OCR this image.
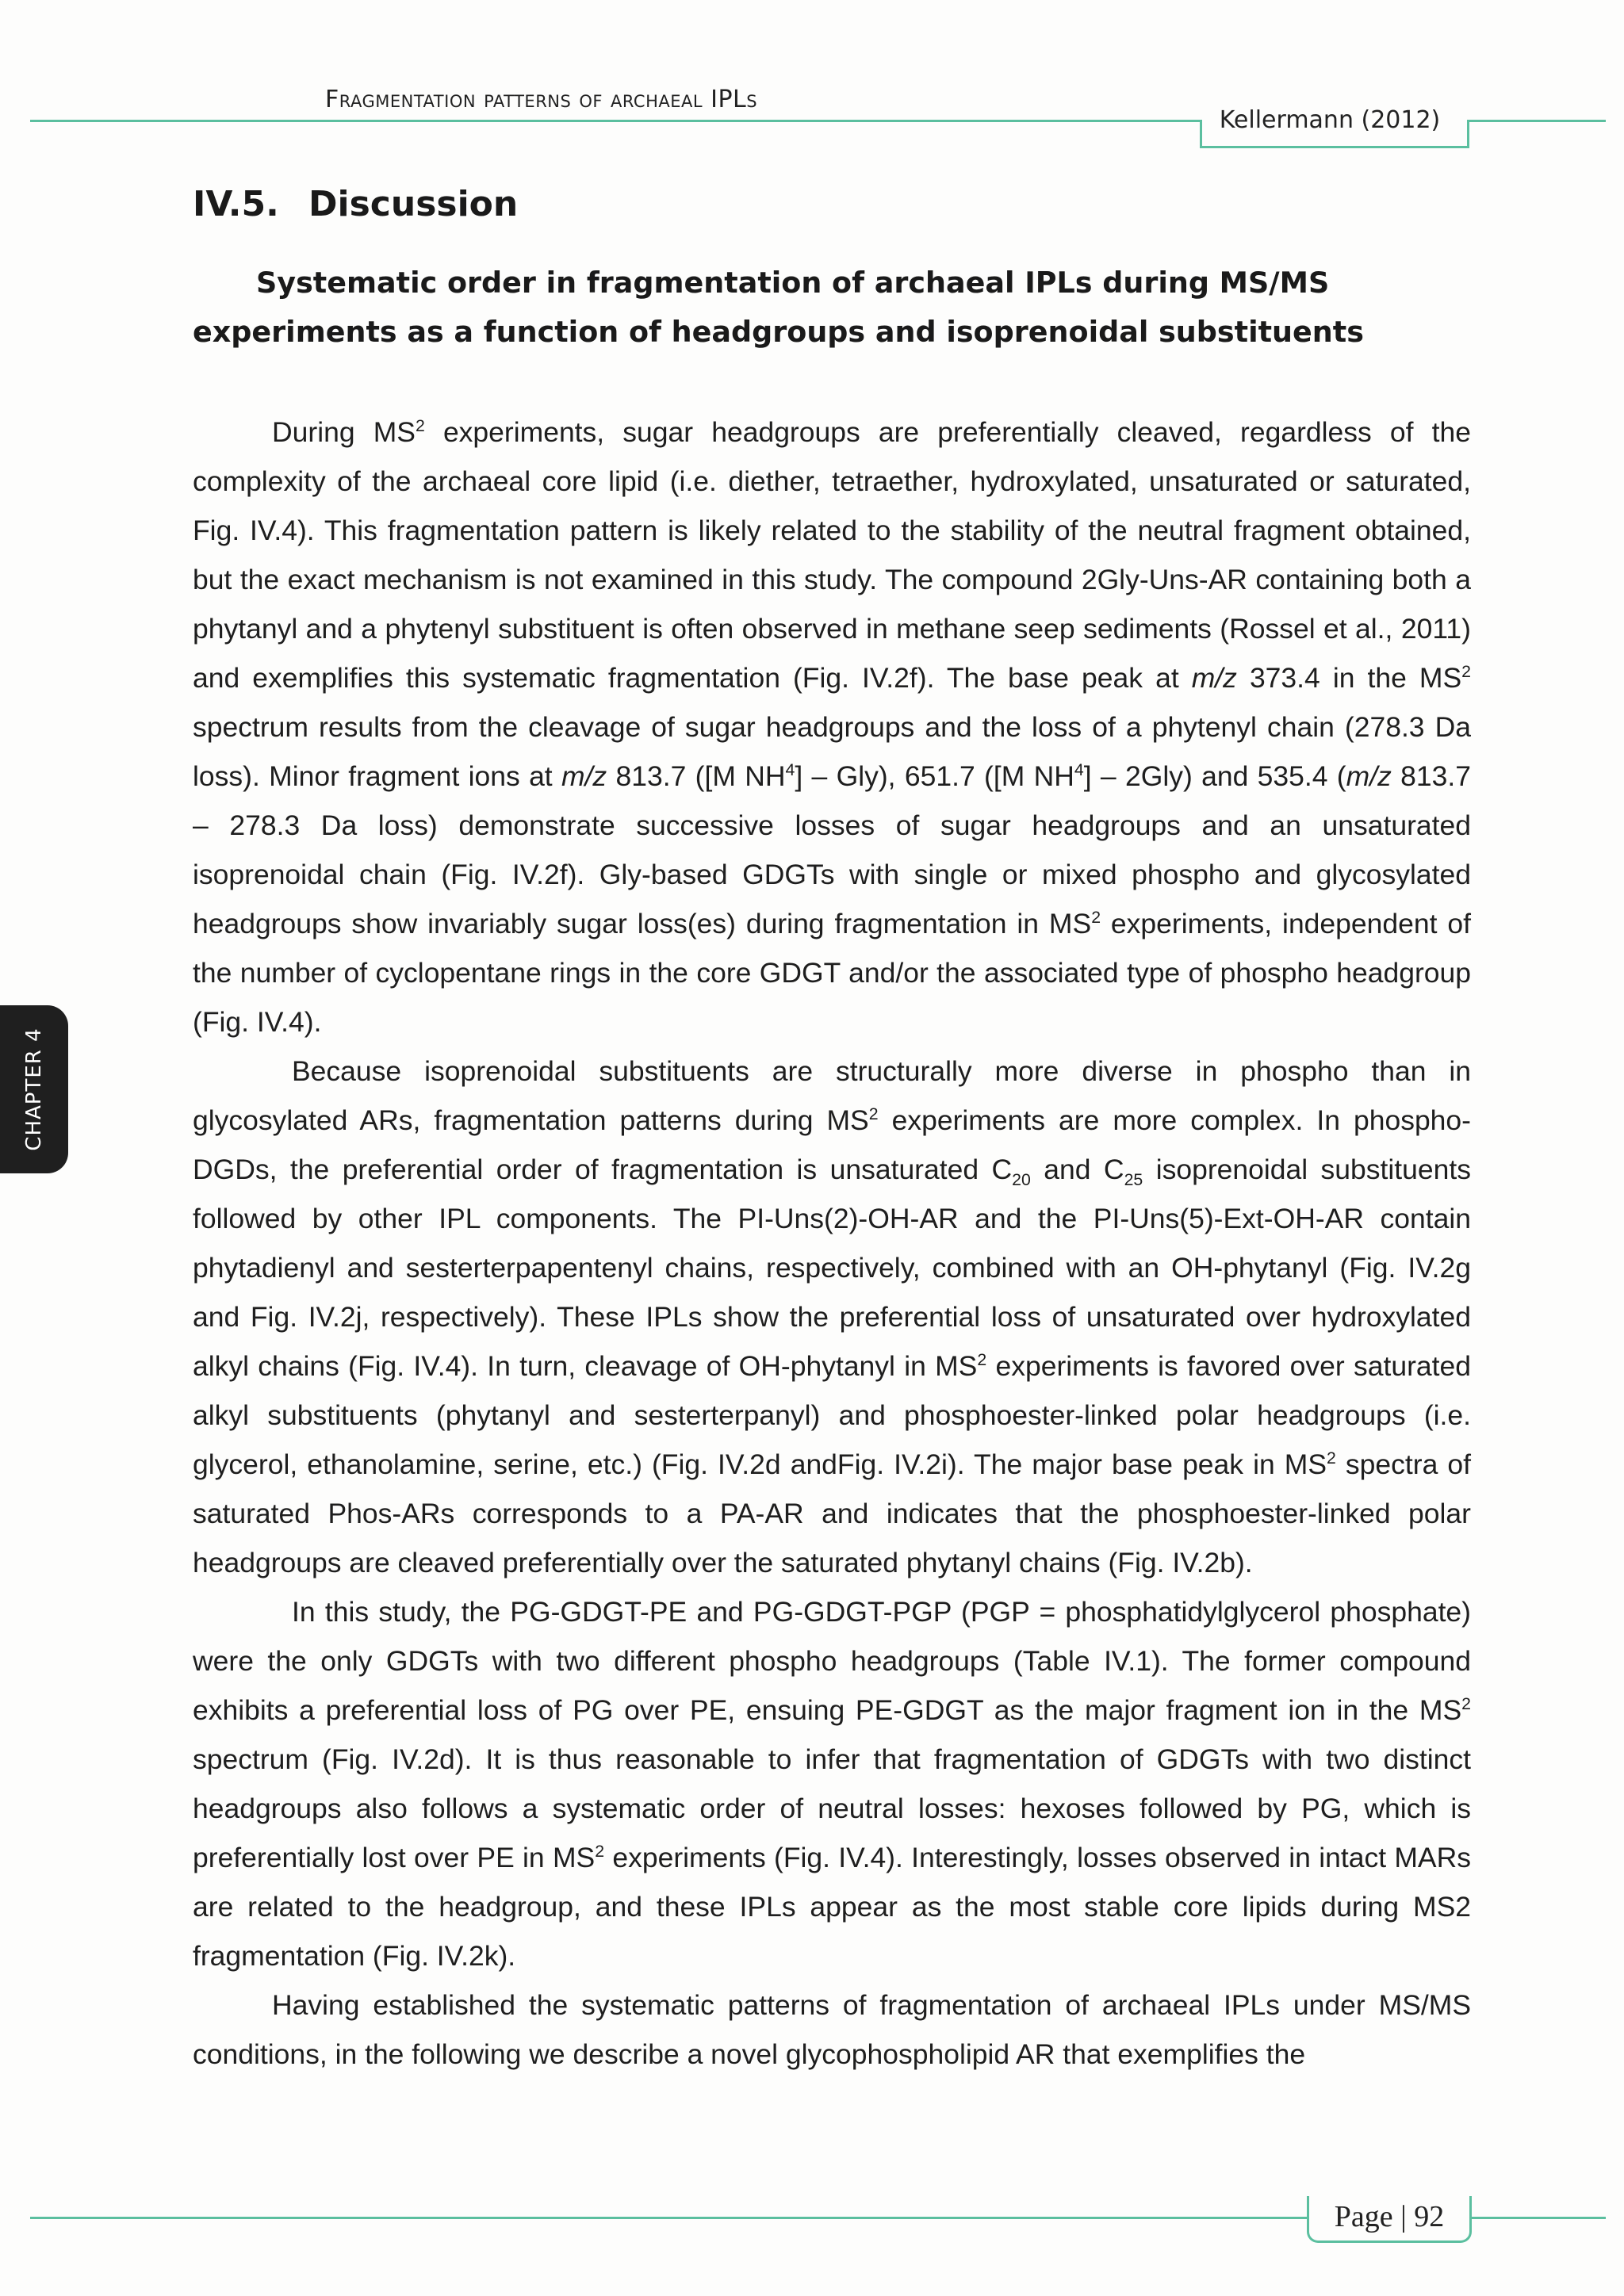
Fragmentation patterns of archaeal IPLs
Kellermann (2012)
CHAPTER 4
IV.5. Discussion

Systematic order in fragmentation of archaeal IPLs during MS/MS experiments as a function of headgroups and isoprenoidal substituents

During $MS^2$ experiments, sugar headgroups are preferentially cleaved, regardless of the complexity of the archaeal core lipid (i.e. diether, tetraether, hydroxylated, unsaturated or saturated, Fig. IV.4). This fragmentation pattern is likely related to the stability of the neutral fragment obtained, but the exact mechanism is not examined in this study. The compound 2Gly-Uns-AR containing both a phytanyl and a phytenyl substituent is often observed in methane seep sediments (Rossel et al., 2011) and exemplifies this systematic fragmentation (Fig. IV.2f). The base peak at m/z 373.4 in the $MS^2$ spectrum results from the cleavage of sugar headgroups and the loss of a phytenyl chain (278.3 Da loss). Minor fragment ions at m/z 813.7 ([M $NH^4] - Gly$), 651.7 ([M $NH^4] - 2Gly$) and 535.4 (m/z 813.7 – 278.3 Da loss) demonstrate successive losses of sugar headgroups and an unsaturated isoprenoidal chain (Fig. IV.2f). Gly-based GDGTs with single or mixed phospho and glycosylated headgroups show invariably sugar loss(es) during fragmentation in $MS^2$ experiments, independent of the number of cyclopentane rings in the core GDGT and/or the associated type of phospho headgroup (Fig. IV.4).

Because isoprenoidal substituents are structurally more diverse in phospho than in glycosylated ARs, fragmentation patterns during $MS^2$ experiments are more complex. In phospho-DGDs, the preferential order of fragmentation is unsaturated $C_{20}$ and $C_{25}$ isoprenoidal substituents followed by other IPL components. The PI-Uns(2)-OH-AR and the PI-Uns(5)-Ext-OH-AR contain phytadienyl and sesterterpapentenyl chains, respectively, combined with an OH-phytanyl (Fig. IV.2g and Fig. IV.2j, respectively). These IPLs show the preferential loss of unsaturated over hydroxylated alkyl chains (Fig. IV.4). In turn, cleavage of OH-phytanyl in $MS^2$ experiments is favored over saturated alkyl substituents (phytanyl and sesterterpanyl) and phosphoester-linked polar headgroups (i.e. glycerol, ethanolamine, serine, etc.) (Fig. IV.2d andFig. IV.2i). The major base peak in $MS^2$ spectra of saturated Phos-ARs corresponds to a PA-AR and indicates that the phosphoester-linked polar headgroups are cleaved preferentially over the saturated phytanyl chains (Fig. IV.2b).

In this study, the PG-GDGT-PE and PG-GDGT-PGP (PGP = phosphatidylglycerol phosphate) were the only GDGTs with two different phospho headgroups (Table IV.1). The former compound exhibits a preferential loss of PG over PE, ensuing PE-GDGT as the major fragment ion in the $MS^2$ spectrum (Fig. IV.2d). It is thus reasonable to infer that fragmentation of GDGTs with two distinct headgroups also follows a systematic order of neutral losses: hexoses followed by PG, which is preferentially lost over PE in $MS^2$ experiments (Fig. IV.4). Interestingly, losses observed in intact MARs are related to the headgroup, and these IPLs appear as the most stable core lipids during MS2 fragmentation (Fig. IV.2k).

Having established the systematic patterns of fragmentation of archaeal IPLs under MS/MS conditions, in the following we describe a novel glycophospholipid AR that exemplifies the

Page | 92
